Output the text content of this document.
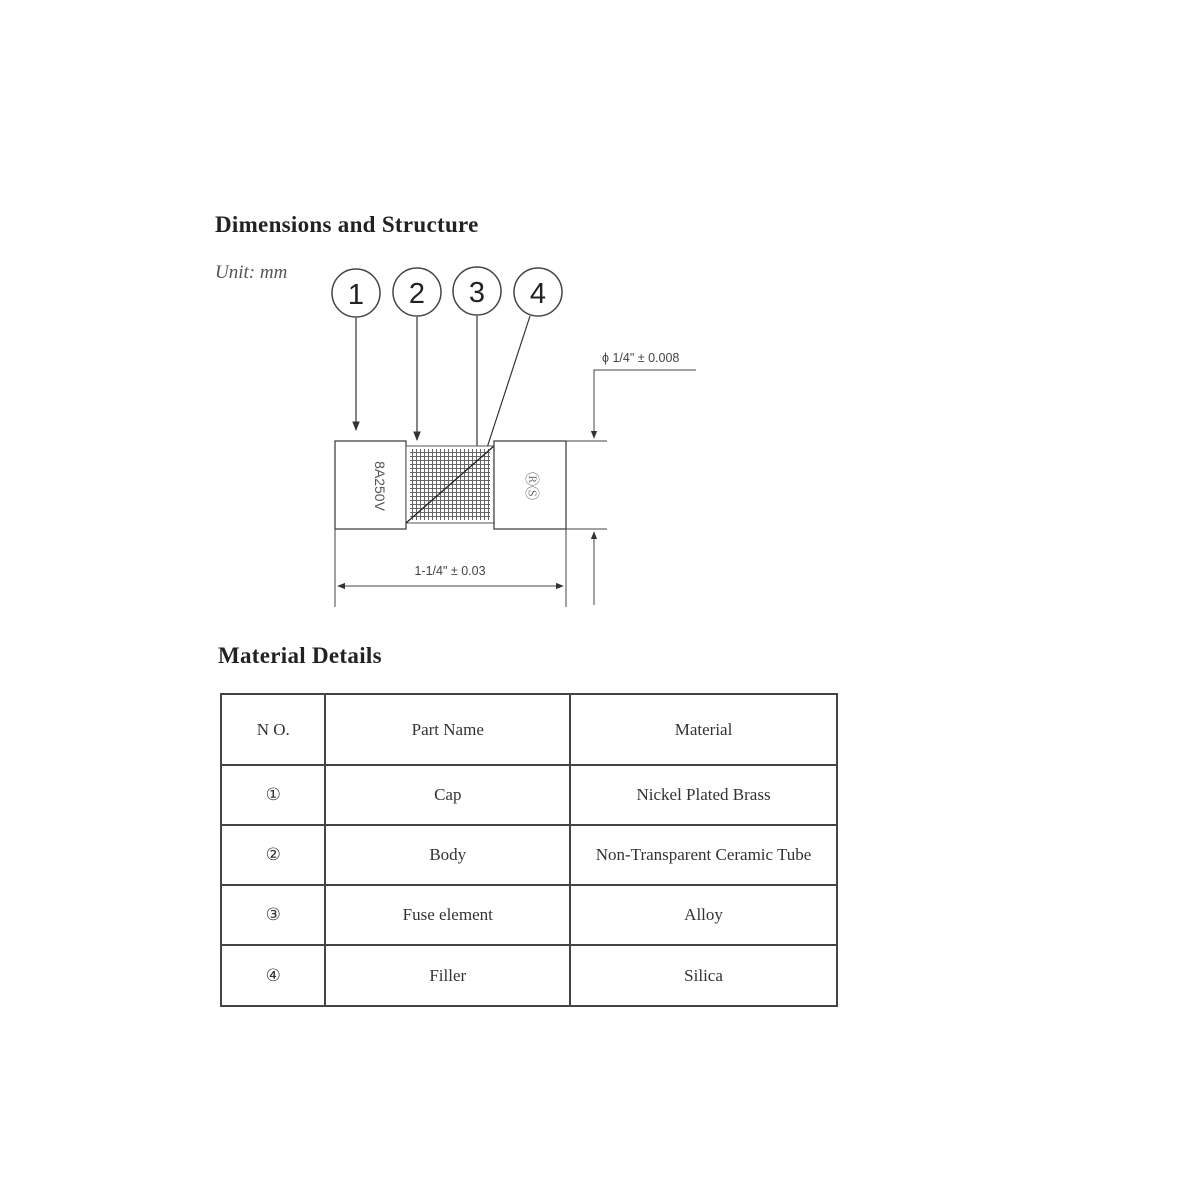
Dimensions and Structure
Unit: mm
1 2 3 4
8A250V	ⓇⓈ
ϕ 1/4" ± 0.008
1-1/4" ± 0.03
Material Details
N O.	Part Name	Material
①	Cap	Nickel Plated Brass
②	Body	Non-Transparent Ceramic Tube
③	Fuse element	Alloy
④	Filler	Silica
